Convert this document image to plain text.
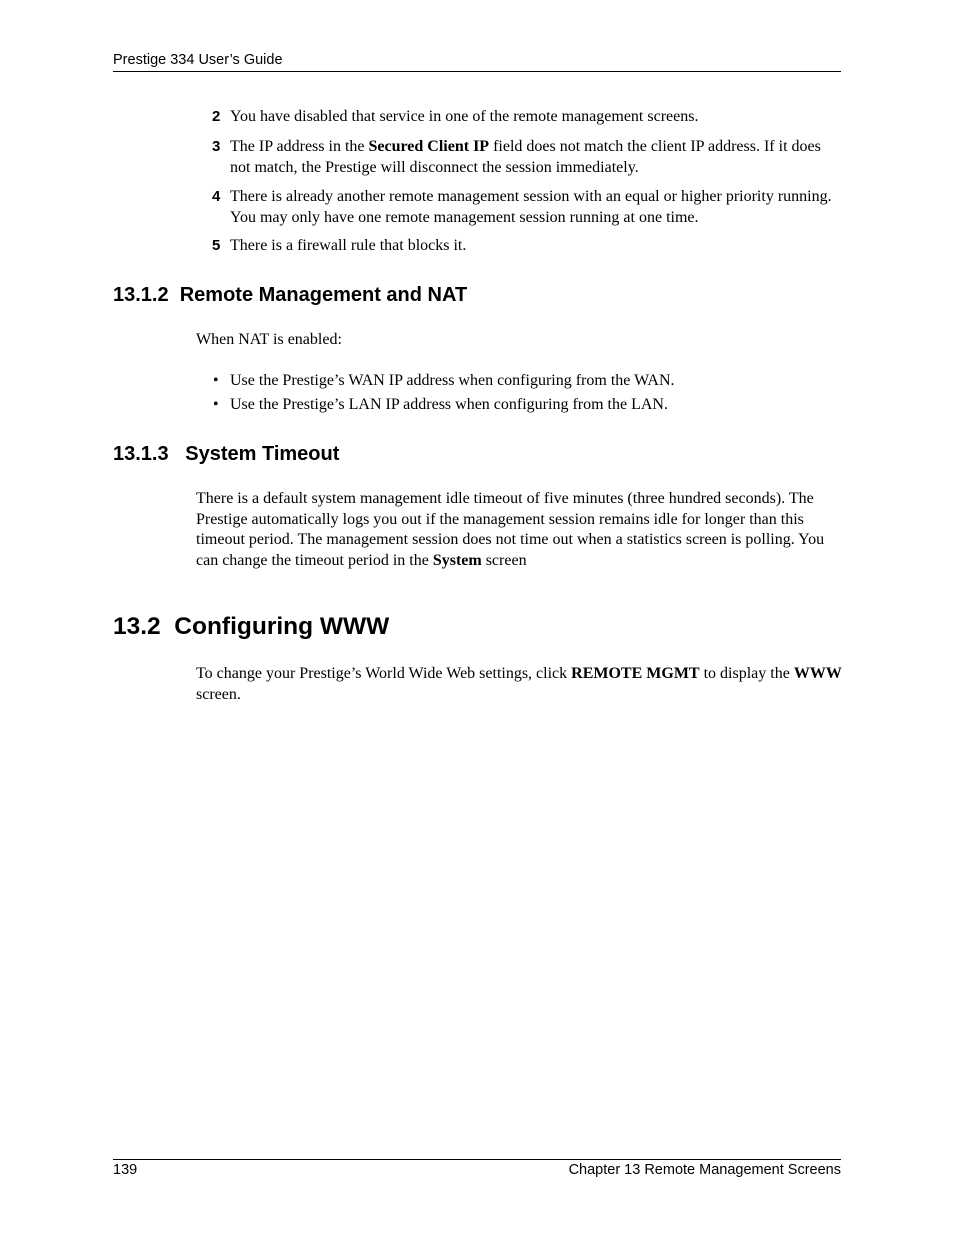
Prestige 334 User’s Guide
2 You have disabled that service in one of the remote management screens.
3 The IP address in the Secured Client IP field does not match the client IP address. If it does not match, the Prestige will disconnect the session immediately.
4 There is already another remote management session with an equal or higher priority running. You may only have one remote management session running at one time.
5 There is a firewall rule that blocks it.
13.1.2  Remote Management and NAT
When NAT is enabled:
• Use the Prestige’s WAN IP address when configuring from the WAN.
• Use the Prestige’s LAN IP address when configuring from the LAN.
13.1.3   System Timeout
There is a default system management idle timeout of five minutes (three hundred seconds). The Prestige automatically logs you out if the management session remains idle for longer than this timeout period. The management session does not time out when a statistics screen is polling. You can change the timeout period in the System screen
13.2  Configuring WWW
To change your Prestige’s World Wide Web settings, click REMOTE MGMT to display the WWW screen.
139	Chapter 13 Remote Management Screens
